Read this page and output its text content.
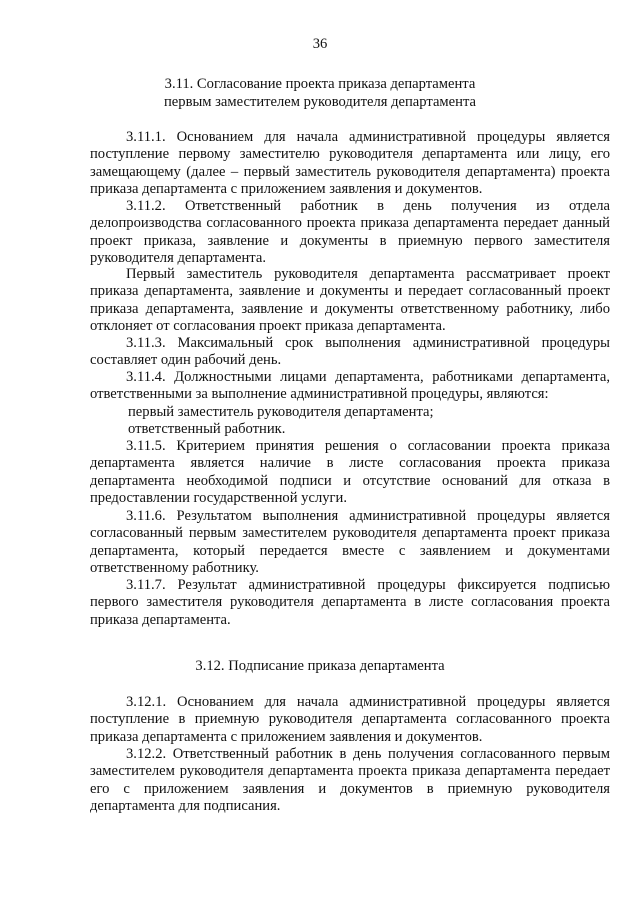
36
3.11. Согласование проекта приказа департамента
первым заместителем руководителя департамента
3.11.1. Основанием для начала административной процедуры является поступление первому заместителю руководителя департамента или лицу, его замещающему (далее – первый заместитель руководителя департамента) проекта приказа департамента с приложением заявления и документов.
3.11.2. Ответственный работник в день получения из отдела делопроизводства согласованного проекта приказа департамента передает данный проект приказа, заявление и документы в приемную первого заместителя руководителя департамента.
Первый заместитель руководителя департамента рассматривает проект приказа департамента, заявление и документы и передает согласованный проект приказа департамента, заявление и документы ответственному работнику, либо отклоняет от согласования проект приказа департамента.
3.11.3. Максимальный срок выполнения административной процедуры составляет один рабочий день.
3.11.4. Должностными лицами департамента, работниками департамента, ответственными за выполнение административной процедуры, являются:
первый заместитель руководителя департамента;
ответственный работник.
3.11.5. Критерием принятия решения о согласовании проекта приказа департамента является наличие в листе согласования проекта приказа департамента необходимой подписи и отсутствие оснований для отказа в предоставлении государственной услуги.
3.11.6. Результатом выполнения административной процедуры является согласованный первым заместителем руководителя департамента проект приказа департамента, который передается вместе с заявлением и документами ответственному работнику.
3.11.7. Результат административной процедуры фиксируется подписью первого заместителя руководителя департамента в листе согласования проекта приказа департамента.
3.12. Подписание приказа департамента
3.12.1. Основанием для начала административной процедуры является поступление в приемную руководителя департамента согласованного проекта приказа департамента с приложением заявления и документов.
3.12.2. Ответственный работник в день получения согласованного первым заместителем руководителя департамента проекта приказа департамента передает его с приложением заявления и документов в приемную руководителя департамента для подписания.
